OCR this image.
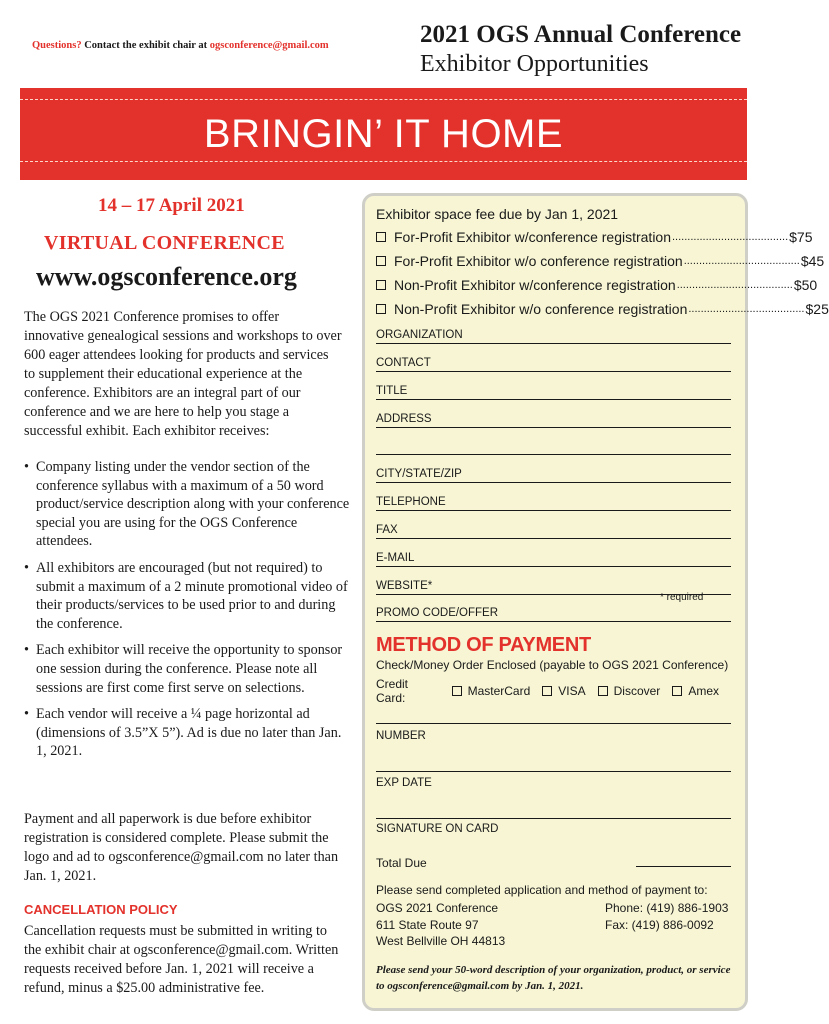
Questions? Contact the exhibit chair at ogsconference@gmail.com	2021 OGS Annual Conference
Exhibitor Opportunities
BRINGIN’ IT HOME
14 – 17 April 2021
VIRTUAL CONFERENCE
www.ogsconference.org

The OGS 2021 Conference promises to offer innovative genealogical sessions and workshops to over 600 eager attendees looking for products and services to supplement their educational experience at the conference. Exhibitors are an integral part of our conference and we are here to help you stage a successful exhibit. Each exhibitor receives:

• Company listing under the vendor section of the conference syllabus with a maximum of a 50 word product/service description along with your conference special you are using for the OGS Conference attendees.
• All exhibitors are encouraged (but not required) to submit a maximum of a 2 minute promotional video of their products/services to be used prior to and during the conference.
• Each exhibitor will receive the opportunity to sponsor one session during the conference. Please note all sessions are first come first serve on selections.
• Each vendor will receive a ¼ page horizontal ad (dimensions of 3.5”X 5”). Ad is due no later than Jan. 1, 2021.

Payment and all paperwork is due before exhibitor registration is considered complete. Please submit the logo and ad to ogsconference@gmail.com no later than Jan. 1, 2021.

CANCELLATION POLICY

Cancellation requests must be submitted in writing to the exhibit chair at ogsconference@gmail.com. Written requests received before Jan. 1, 2021 will receive a refund, minus a $25.00 administrative fee.

Exhibitor space fee due by Jan 1, 2021
For-Profit Exhibitor w/conference registration ...................................... $75
For-Profit Exhibitor w/o conference registration ...................................... $45
Non-Profit Exhibitor w/conference registration ...................................... $50
Non-Profit Exhibitor w/o conference registration ...................................... $25
ORGANIZATION
CONTACT
TITLE
ADDRESS
CITY/STATE/ZIP
TELEPHONE
FAX
E-MAIL
WEBSITE*
* required
PROMO CODE/OFFER
METHOD OF PAYMENT
Check/Money Order Enclosed (payable to OGS 2021 Conference)
Credit Card:	MasterCard VISA Discover Amex
NUMBER
EXP DATE
SIGNATURE ON CARD
Total Due
Please send completed application and method of payment to:
OGS 2021 Conference
611 State Route 97
West Bellville OH 44813
Phone: (419) 886-1903
Fax: (419) 886-0092
Please send your 50-word description of your organization, product, or service to ogsconference@gmail.com by Jan. 1, 2021.
